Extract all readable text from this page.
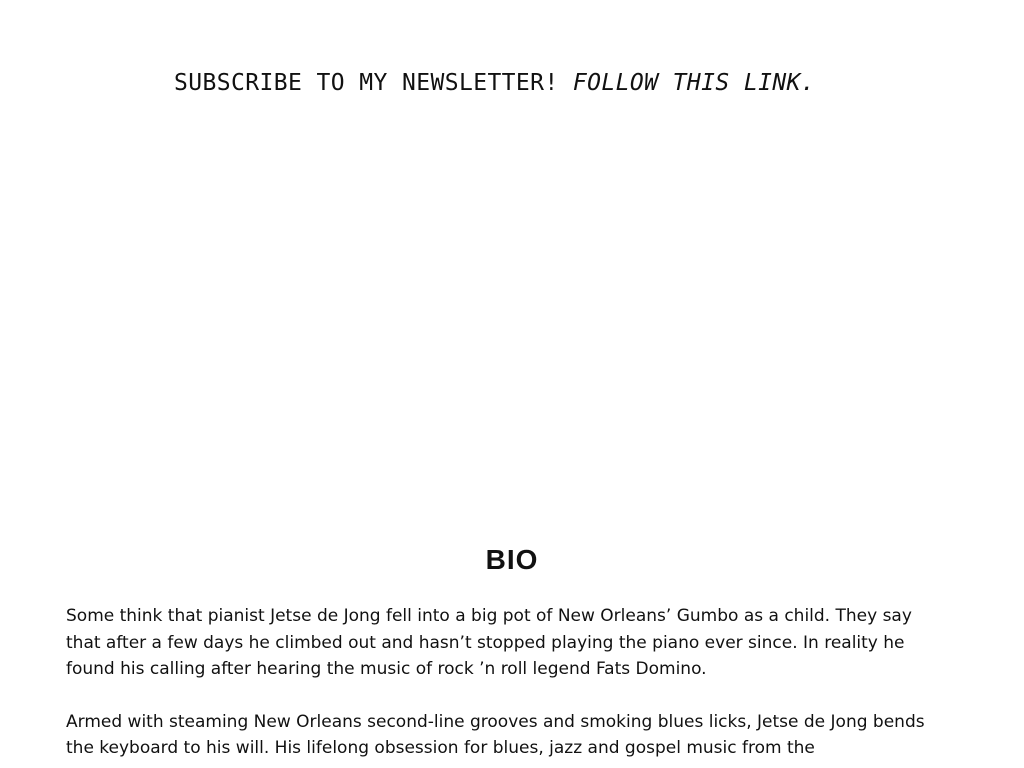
SUBSCRIBE TO MY NEWSLETTER! FOLLOW THIS LINK.
BIO

Some think that pianist Jetse de Jong fell into a big pot of New Orleans’ Gumbo as a child. They say that after a few days he climbed out and hasn’t stopped playing the piano ever since. In reality he found his calling after hearing the music of rock ’n roll legend Fats Domino.

Armed with steaming New Orleans second-line grooves and smoking blues licks, Jetse de Jong bends the keyboard to his will. His lifelong obsession for blues, jazz and gospel music from the
